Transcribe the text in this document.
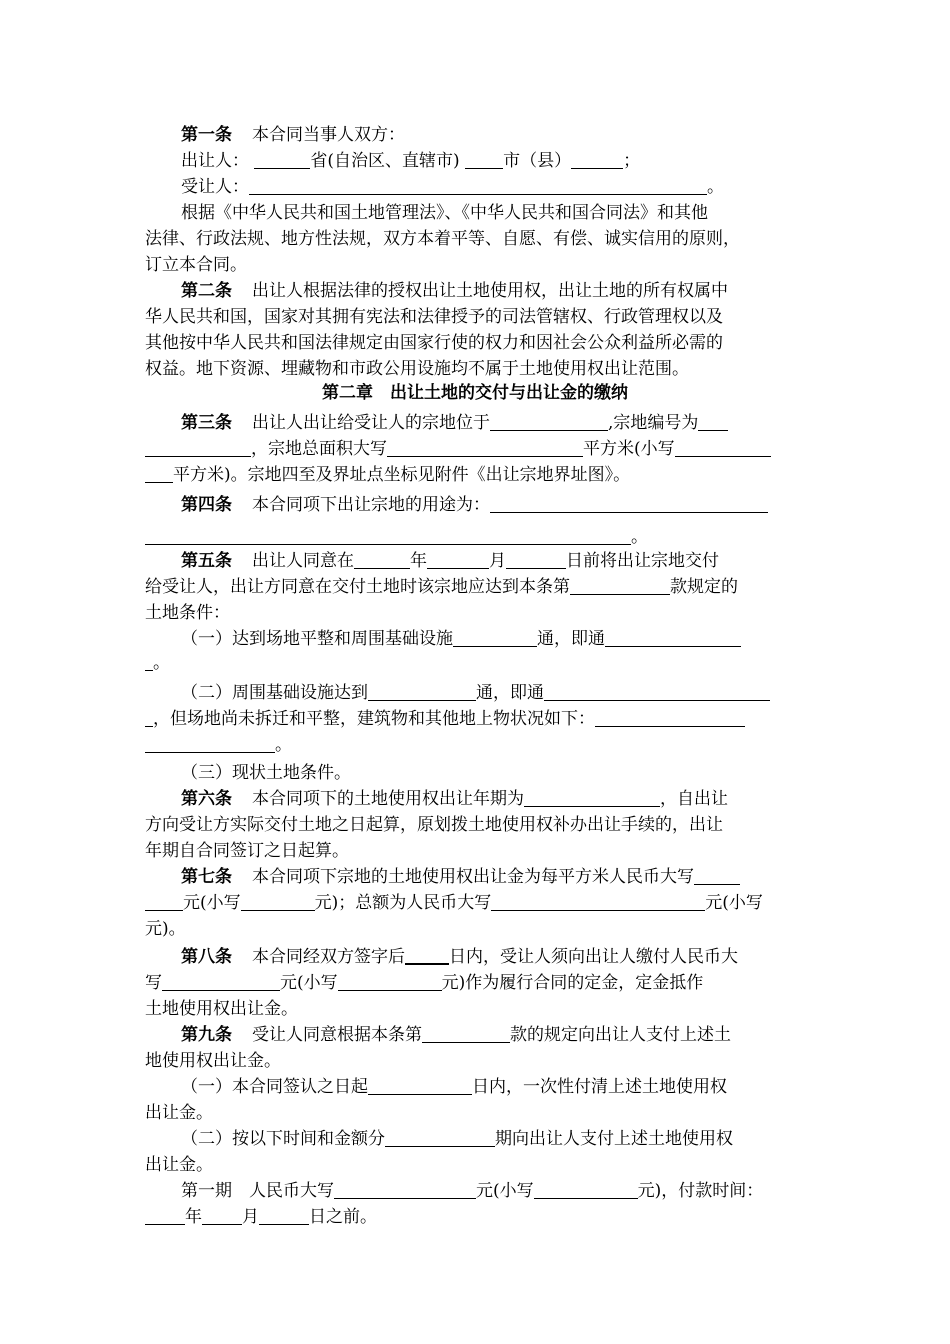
第一条 本合同当事人双方：
出让人：	省(自治区、直辖市)	市（县）	；
受让人：	。
根据《中华人民共和国土地管理法》、《中华人民共和国合同法》和其他
法律、行政法规、地方性法规，双方本着平等、自愿、有偿、诚实信用的原则，
订立本合同。
第二条 出让人根据法律的授权出让土地使用权，出让土地的所有权属中
华人民共和国，国家对其拥有宪法和法律授予的司法管辖权、行政管理权以及
其他按中华人民共和国法律规定由国家行使的权力和因社会公众利益所必需的
权益。地下资源、埋藏物和市政公用设施均不属于土地使用权出让范围。
第二章　出让土地的交付与出让金的缴纳
第三条 出让人出让给受让人的宗地位于	,宗地编号为
，宗地总面积大写	平方米(小写
平方米)。宗地四至及界址点坐标见附件《出让宗地界址图》。
第四条 本合同项下出让宗地的用途为：
。
第五条 出让人同意在	年	月	日前将出让宗地交付
给受让人，出让方同意在交付土地时该宗地应达到本条第	款规定的
土地条件：
（一）达到场地平整和周围基础设施	通，即通
。
（二）周围基础设施达到	通，即通
，但场地尚未拆迁和平整，建筑物和其他地上物状况如下：
。
（三）现状土地条件。
第六条 本合同项下的土地使用权出让年期为	，自出让
方向受让方实际交付土地之日起算，原划拨土地使用权补办出让手续的，出让
年期自合同签订之日起算。
第七条 本合同项下宗地的土地使用权出让金为每平方米人民币大写
元(小写	元)；总额为人民币大写	元(小写
元)。
第八条 本合同经双方签字后	日内，受让人须向出让人缴付人民币大
写	元(小写	元)作为履行合同的定金，定金抵作
土地使用权出让金。
第九条 受让人同意根据本条第	款的规定向出让人支付上述土
地使用权出让金。
（一）本合同签认之日起	日内，一次性付清上述土地使用权
出让金。
（二）按以下时间和金额分	期向出让人支付上述土地使用权
出让金。
第一期　人民币大写	元(小写	元)，付款时间：
年 月	日之前。
